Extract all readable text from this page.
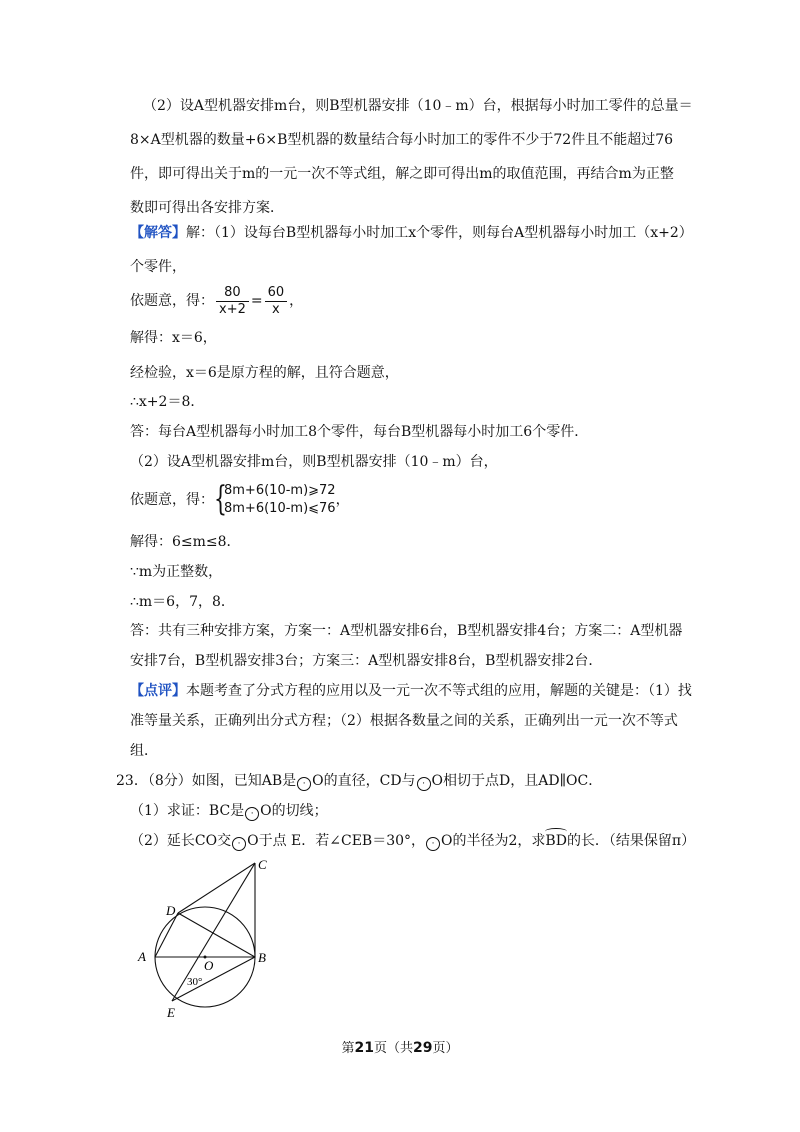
（2）设A型机器安排m台，则B型机器安排（10﹣m）台，根据每小时加工零件的总量＝
8×A型机器的数量+6×B型机器的数量结合每小时加工的零件不少于72件且不能超过76
件，即可得出关于m的一元一次不等式组，解之即可得出m的取值范围，再结合m为正整
数即可得出各安排方案．
【解答】解：（1）设每台B型机器每小时加工x个零件，则每台A型机器每小时加工（x+2）
个零件，
依题意，得： $\frac{80}{x+2} = \frac{60}{x}$ ，
解得：x＝6，
经检验，x＝6是原方程的解，且符合题意，
∴x+2＝8．
答：每台A型机器每小时加工8个零件，每台B型机器每小时加工6个零件．
（2）设A型机器安排m台，则B型机器安排（10﹣m）台，
依题意，得： {
8m+6(10-m)⩾72
8m+6(10-m)⩽76
，
解得：6≤m≤8．
∵m为正整数，
∴m＝6，7，8．
答：共有三种安排方案，方案一：A型机器安排6台，B型机器安排4台；方案二：A型机器
安排7台，B型机器安排3台；方案三：A型机器安排8台，B型机器安排2台．
【点评】本题考查了分式方程的应用以及一元一次不等式组的应用，解题的关键是：（1）找
准等量关系，正确列出分式方程；（2）根据各数量之间的关系，正确列出一元一次不等式
组．
23．（8分）如图，已知AB是 · O的直径，CD与 · O相切于点D，且AD∥OC．
（1）求证：BC是 · O的切线；
（2）延长CO交 · O于点 E．若∠CEB＝30°， · O的半径为2，求BD的长．（结果保留π）
C
D
A	B
O
30°
E
第21页（共29页）
